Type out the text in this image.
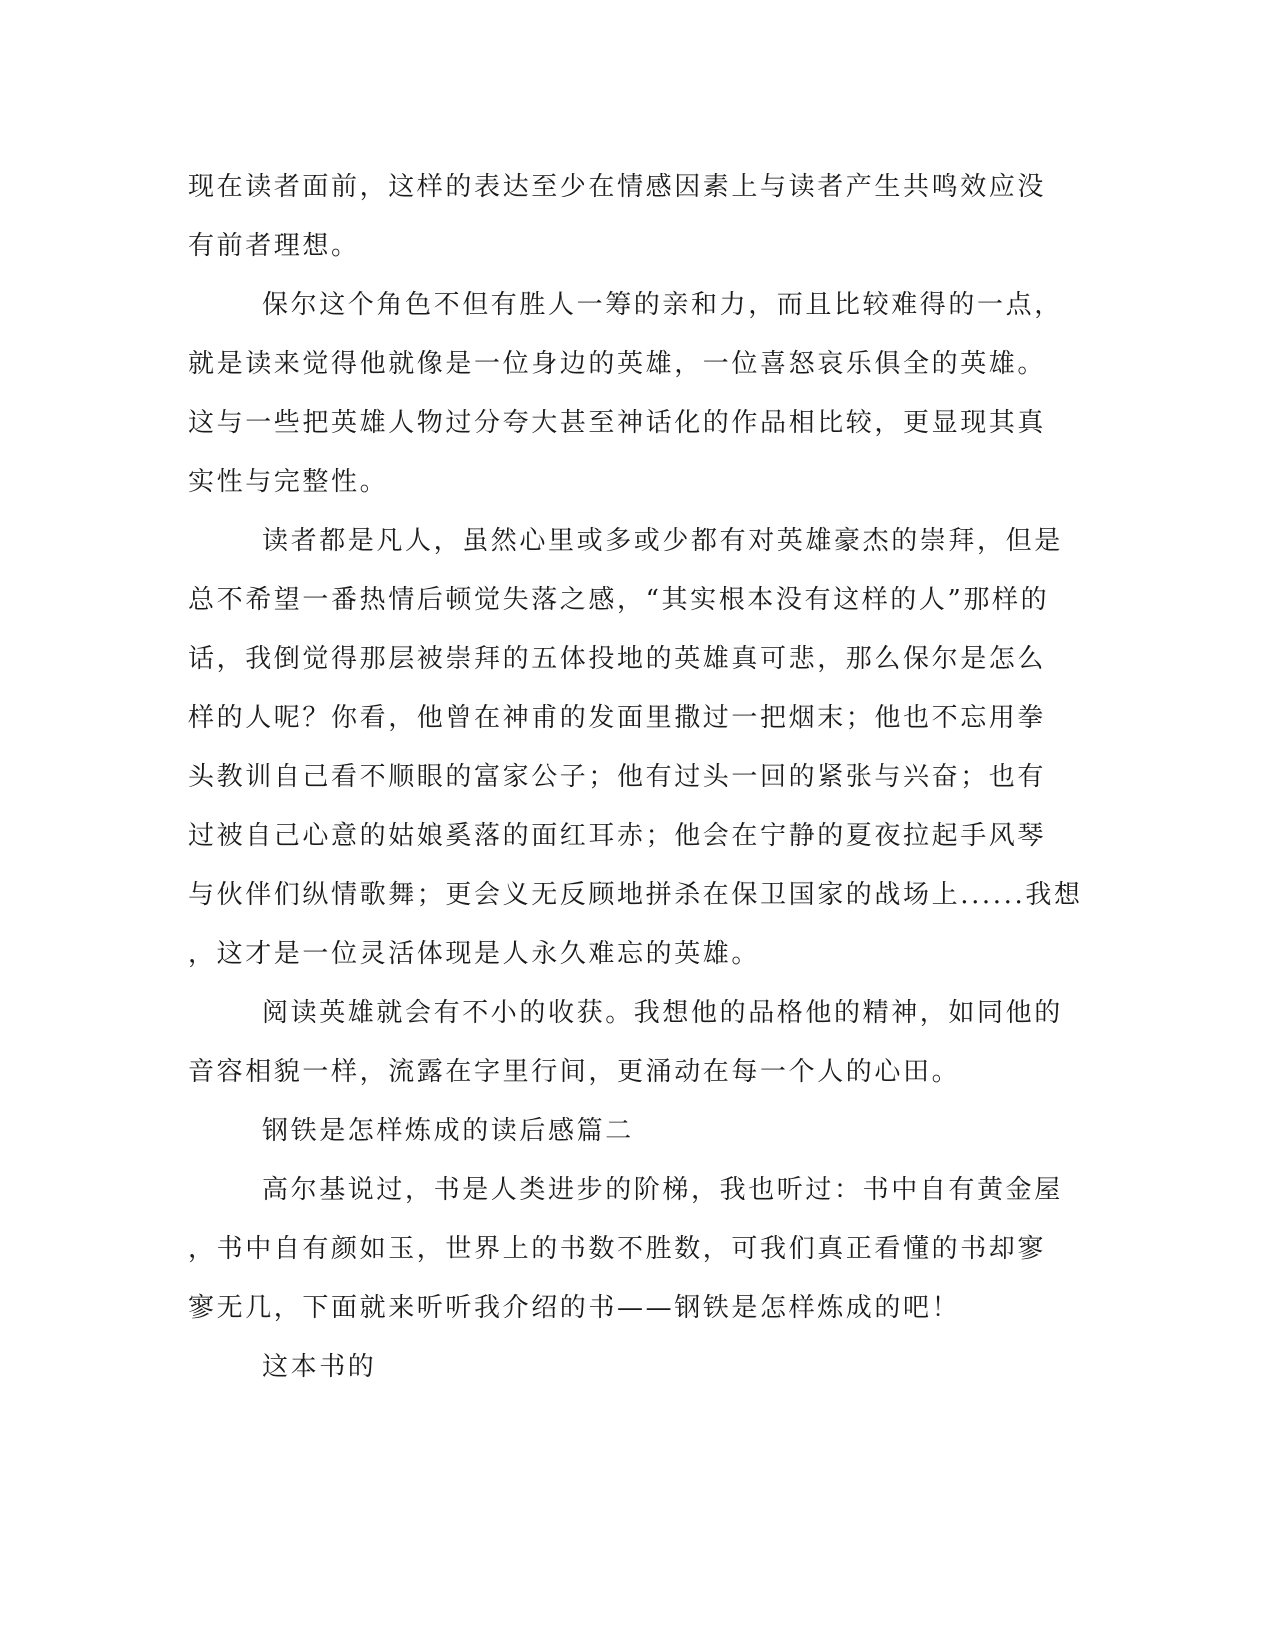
现在读者面前，这样的表达至少在情感因素上与读者产生共鸣效应没
有前者理想。
保尔这个角色不但有胜人一筹的亲和力，而且比较难得的一点，
就是读来觉得他就像是一位身边的英雄，一位喜怒哀乐俱全的英雄。
这与一些把英雄人物过分夸大甚至神话化的作品相比较，更显现其真
实性与完整性。
读者都是凡人，虽然心里或多或少都有对英雄豪杰的崇拜，但是
总不希望一番热情后顿觉失落之感，“其实根本没有这样的人”那样的
话，我倒觉得那层被崇拜的五体投地的英雄真可悲，那么保尔是怎么
样的人呢？你看，他曾在神甫的发面里撒过一把烟末；他也不忘用拳
头教训自己看不顺眼的富家公子；他有过头一回的紧张与兴奋；也有
过被自己心意的姑娘奚落的面红耳赤；他会在宁静的夏夜拉起手风琴
与伙伴们纵情歌舞；更会义无反顾地拼杀在保卫国家的战场上......我想
，这才是一位灵活体现是人永久难忘的英雄。
阅读英雄就会有不小的收获。我想他的品格他的精神，如同他的
音容相貌一样，流露在字里行间，更涌动在每一个人的心田。
钢铁是怎样炼成的读后感篇二
高尔基说过，书是人类进步的阶梯，我也听过：书中自有黄金屋
，书中自有颜如玉，世界上的书数不胜数，可我们真正看懂的书却寥
寥无几，下面就来听听我介绍的书——钢铁是怎样炼成的吧！
这本书的
